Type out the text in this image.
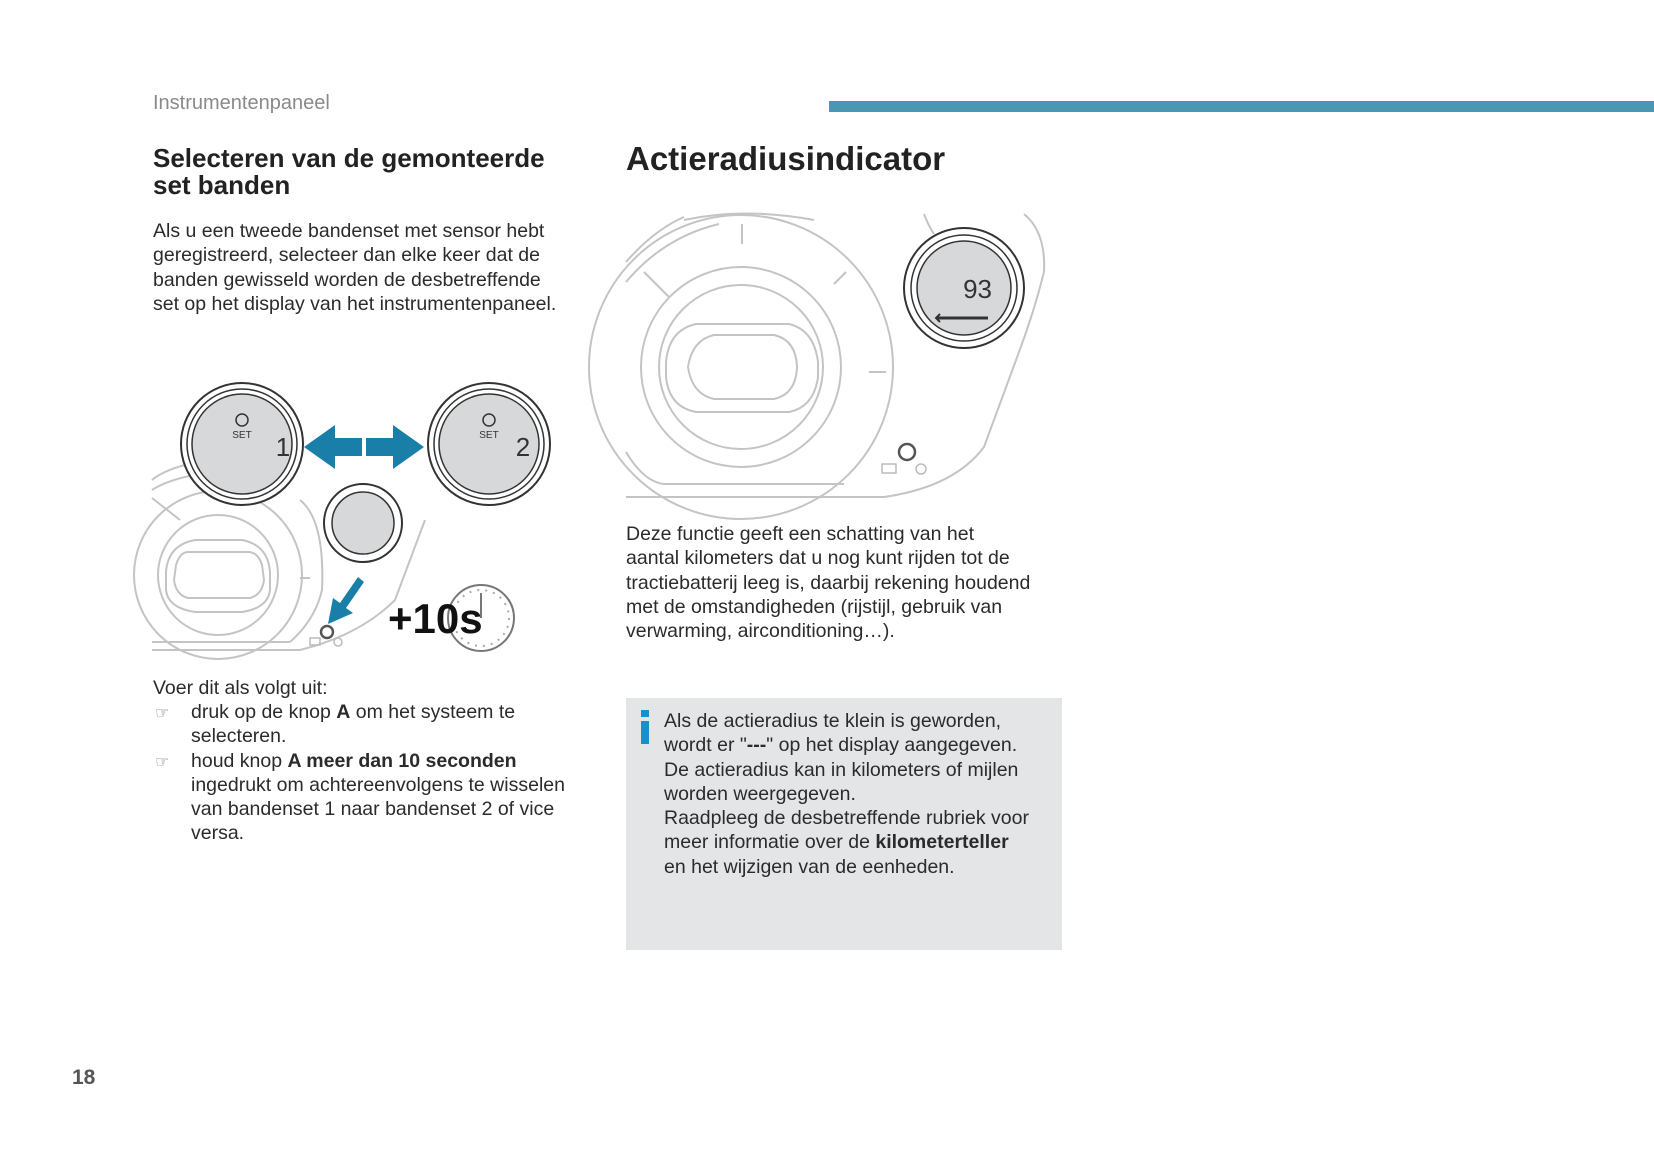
Instrumentenpaneel
Selecteren van de gemonteerde
set banden
Als u een tweede bandenset met sensor hebt
geregistreerd, selecteer dan elke keer dat de
banden gewisseld worden de desbetreffende
set op het display van het instrumentenpaneel.
SET 1	SET 2
+10s
Voer dit als volgt uit:
☞ druk op de knop A om het systeem te
selecteren.
☞ houd knop A meer dan 10 seconden
ingedrukt om achtereenvolgens te wisselen
van bandenset 1 naar bandenset 2 of vice
versa.
Actieradiusindicator
93
Deze functie geeft een schatting van het
aantal kilometers dat u nog kunt rijden tot de
tractiebatterij leeg is, daarbij rekening houdend
met de omstandigheden (rijstijl, gebruik van
verwarming, airconditioning…).
Als de actieradius te klein is geworden,
wordt er "---" op het display aangegeven.
De actieradius kan in kilometers of mijlen
worden weergegeven.
Raadpleeg de desbetreffende rubriek voor
meer informatie over de kilometerteller
en het wijzigen van de eenheden.
18
